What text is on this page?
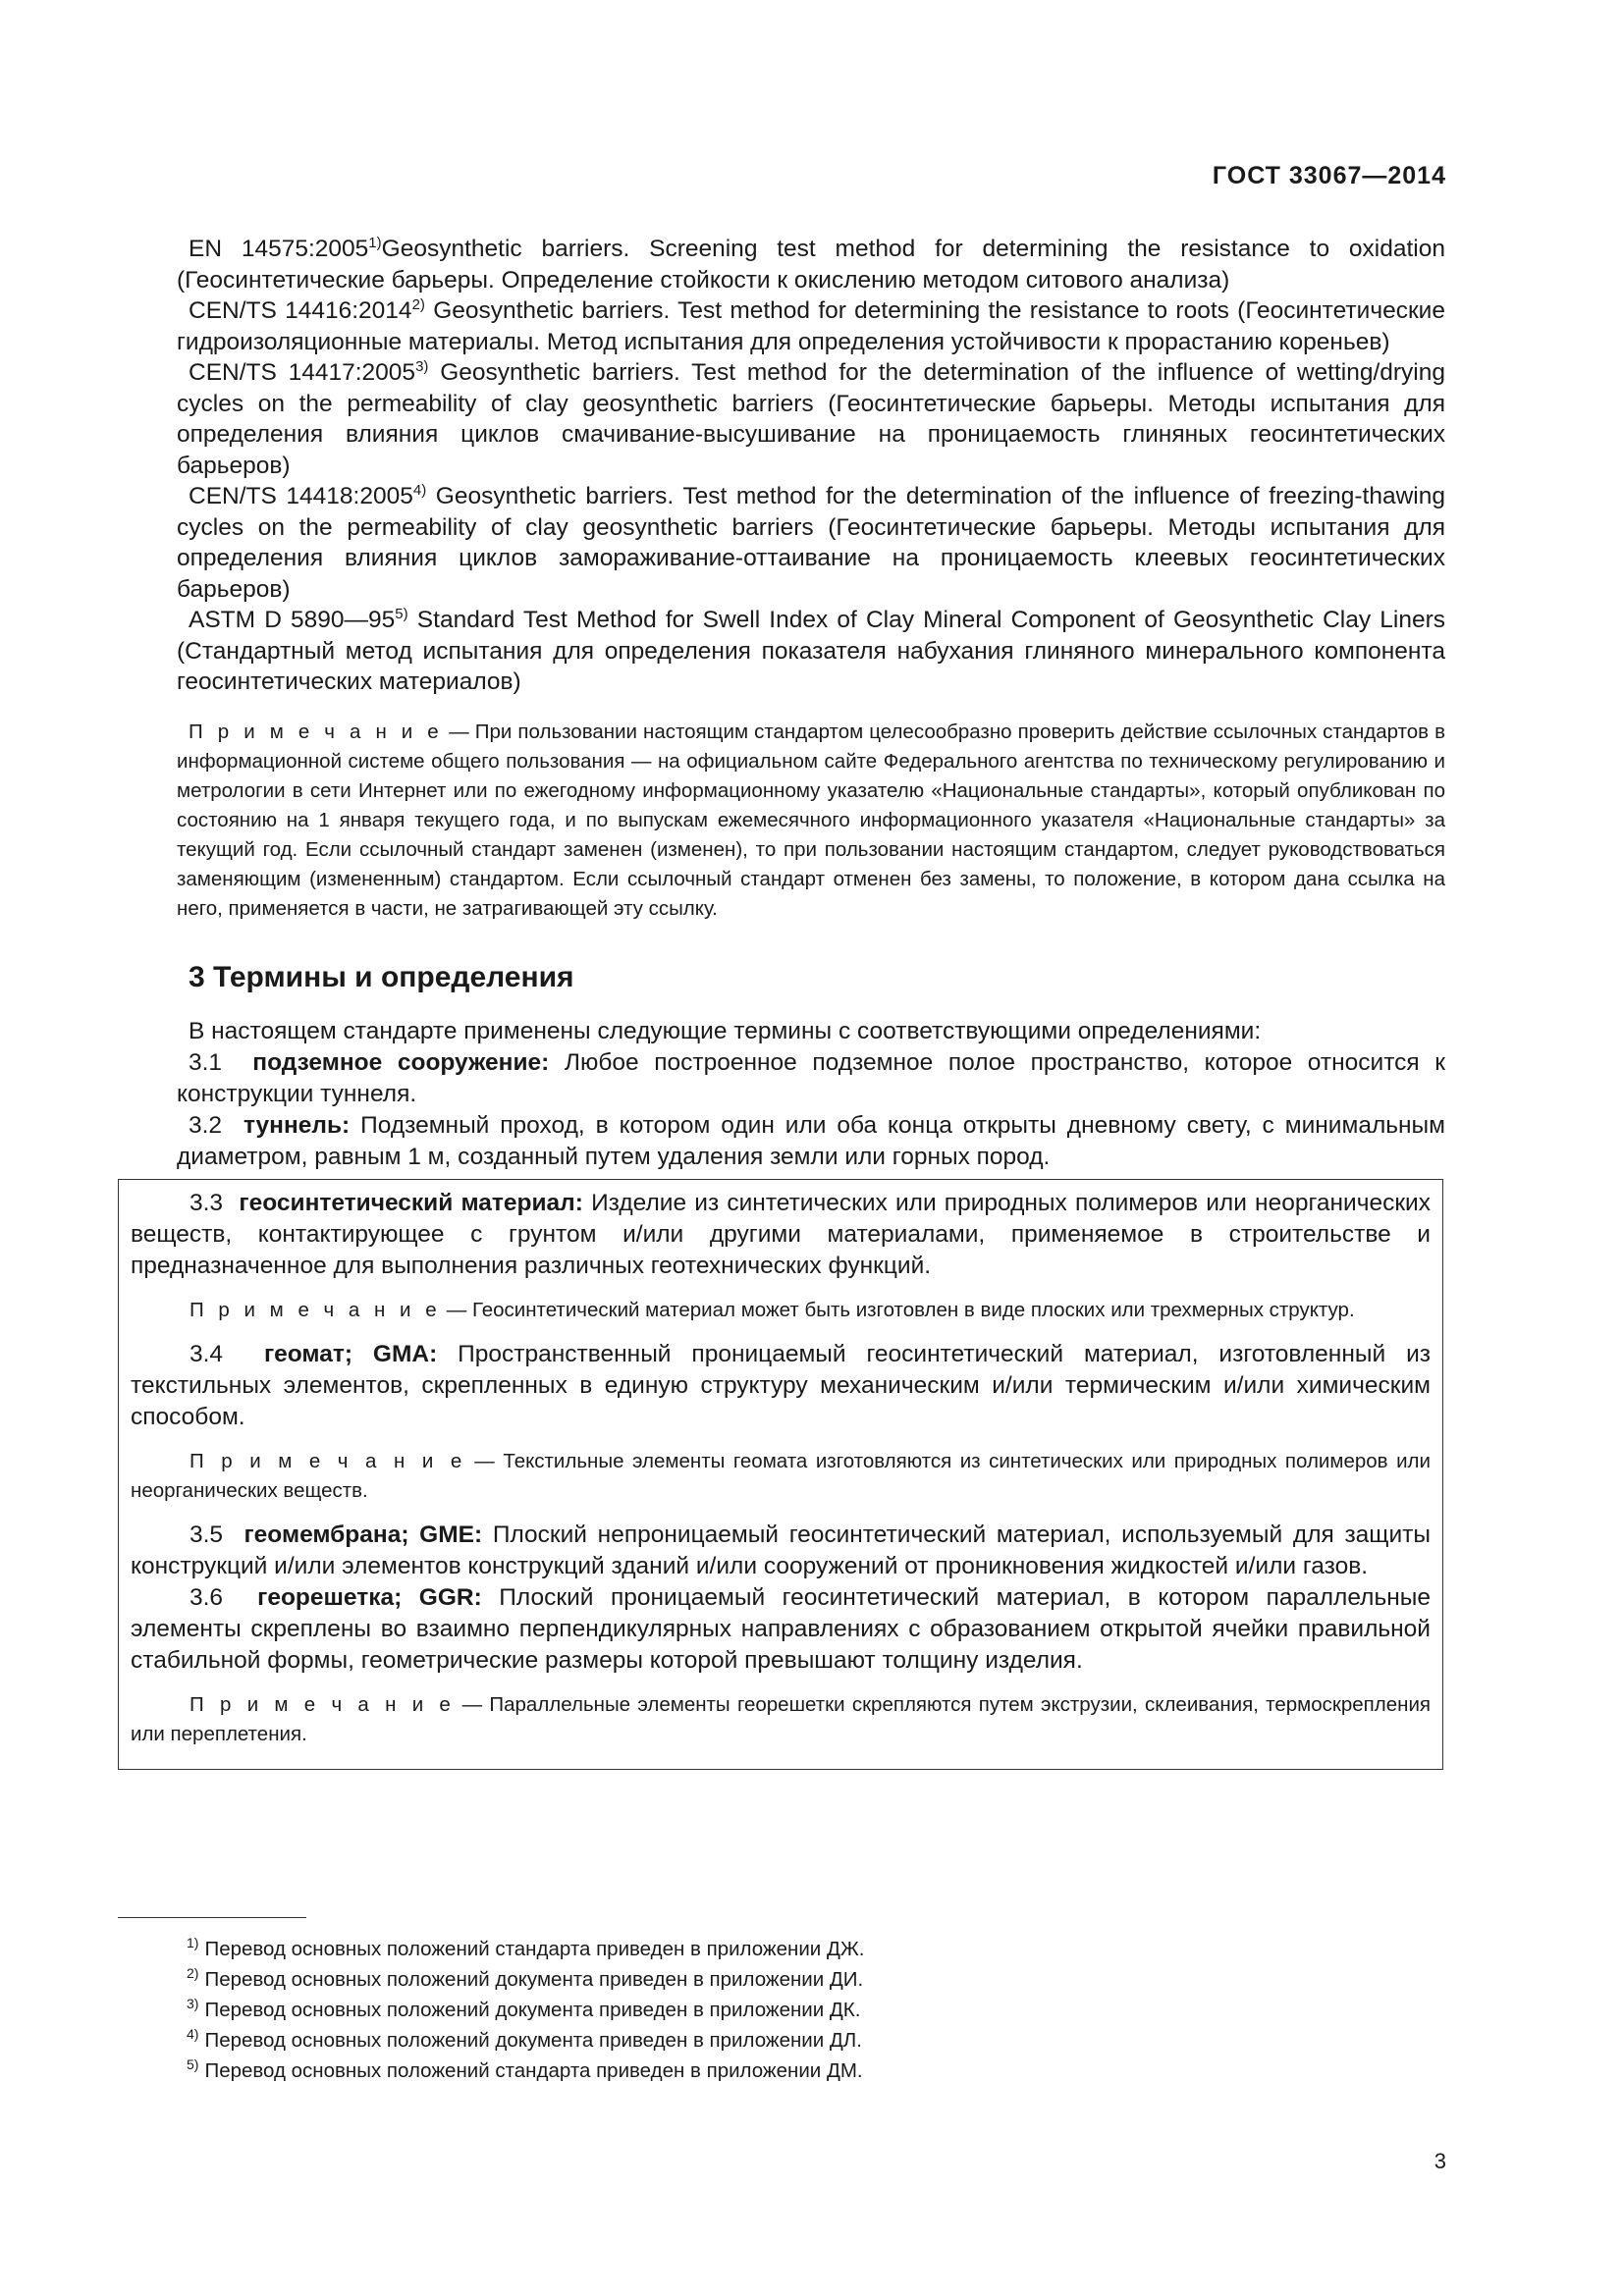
ГОСТ 33067—2014

EN 14575:2005$^{1)}$Geosynthetic barriers. Screening test method for determining the resistance to oxidation (Геосинтетические барьеры. Определение стойкости к окислению методом ситового анализа)

CEN/TS 14416:2014$^{2)}$ Geosynthetic barriers. Test method for determining the resistance to roots (Геосинтетические гидроизоляционные материалы. Метод испытания для определения устойчивости к прорастанию кореньев)

CEN/TS 14417:2005$^{3)}$ Geosynthetic barriers. Test method for the determination of the influence of wetting/drying cycles on the permeability of clay geosynthetic barriers (Геосинтетические барьеры. Методы испытания для определения влияния циклов смачивание-высушивание на проницаемость глиняных геосинтетических барьеров)

CEN/TS 14418:2005$^{4)}$ Geosynthetic barriers. Test method for the determination of the influence of freezing-thawing cycles on the permeability of clay geosynthetic barriers (Геосинтетические барьеры. Методы испытания для определения влияния циклов замораживание-оттаивание на проницаемость клеевых геосинтетических барьеров)

ASTM D 5890—95$^{5)}$ Standard Test Method for Swell Index of Clay Mineral Component of Geosynthetic Clay Liners (Стандартный метод испытания для определения показателя набухания глиняного минерального компонента геосинтетических материалов)

П р и м е ч а н и е — При пользовании настоящим стандартом целесообразно проверить действие ссылочных стандартов в информационной системе общего пользования — на официальном сайте Федерального агентства по техническому регулированию и метрологии в сети Интернет или по ежегодному информационному указателю «Национальные стандарты», который опубликован по состоянию на 1 января текущего года, и по выпускам ежемесячного информационного указателя «Национальные стандарты» за текущий год. Если ссылочный стандарт заменен (изменен), то при пользовании настоящим стандартом, следует руководствоваться заменяющим (измененным) стандартом. Если ссылочный стандарт отменен без замены, то положение, в котором дана ссылка на него, применяется в части, не затрагивающей эту ссылку.

3 Термины и определения

В настоящем стандарте применены следующие термины с соответствующими определениями:

3.1 подземное сооружение: Любое построенное подземное полое пространство, которое относится к конструкции туннеля.

3.2 туннель: Подземный проход, в котором один или оба конца открыты дневному свету, с минимальным диаметром, равным 1 м, созданный путем удаления земли или горных пород.

3.3 геосинтетический материал: Изделие из синтетических или природных полимеров или неорганических веществ, контактирующее с грунтом и/или другими материалами, применяемое в строительстве и предназначенное для выполнения различных геотехнических функций.

П р и м е ч а н и е — Геосинтетический материал может быть изготовлен в виде плоских или трехмерных структур.

3.4 геомат; GMA: Пространственный проницаемый геосинтетический материал, изготовленный из текстильных элементов, скрепленных в единую структуру механическим и/или термическим и/или химическим способом.

П р и м е ч а н и е — Текстильные элементы геомата изготовляются из синтетических или природных полимеров или неорганических веществ.

3.5 геомембрана; GME: Плоский непроницаемый геосинтетический материал, используемый для защиты конструкций и/или элементов конструкций зданий и/или сооружений от проникновения жидкостей и/или газов.

3.6 георешетка; GGR: Плоский проницаемый геосинтетический материал, в котором параллельные элементы скреплены во взаимно перпендикулярных направлениях с образованием открытой ячейки правильной стабильной формы, геометрические размеры которой превышают толщину изделия.

П р и м е ч а н и е — Параллельные элементы георешетки скрепляются путем экструзии, склеивания, термоскрепления или переплетения.

$^{1)}$ Перевод основных положений стандарта приведен в приложении ДЖ.

$^{2)}$ Перевод основных положений документа приведен в приложении ДИ.

$^{3)}$ Перевод основных положений документа приведен в приложении ДК.

$^{4)}$ Перевод основных положений документа приведен в приложении ДЛ.

$^{5)}$ Перевод основных положений стандарта приведен в приложении ДМ.

3
